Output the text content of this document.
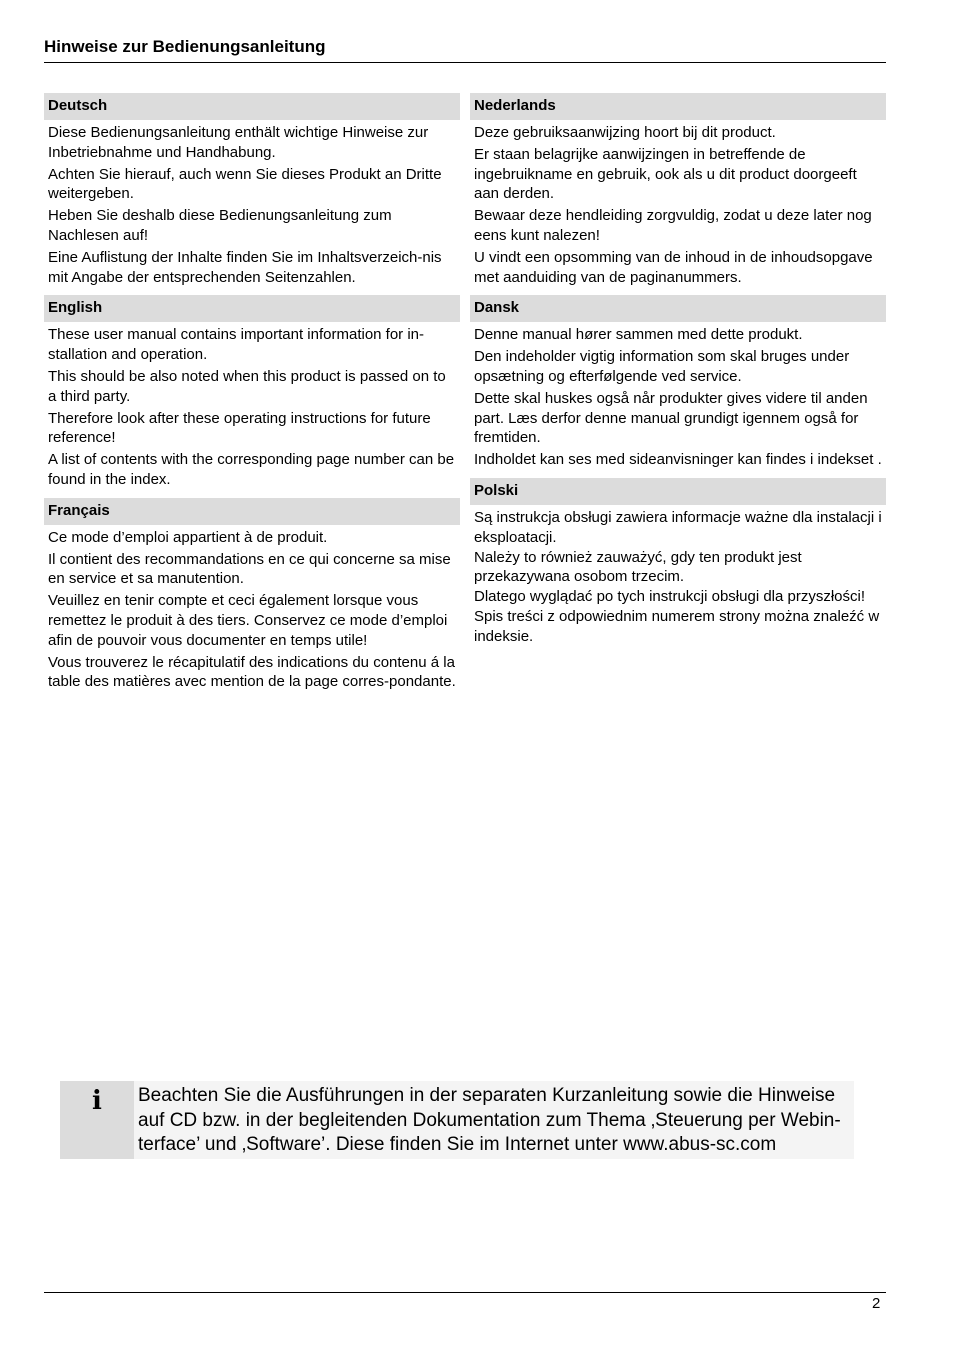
Hinweise zur Bedienungsanleitung
Deutsch

Diese Bedienungsanleitung enthält wichtige Hinweise zur Inbetriebnahme und Handhabung.

Achten Sie hierauf, auch wenn Sie dieses Produkt an Dritte weitergeben.

Heben Sie deshalb diese Bedienungsanleitung zum Nachlesen auf!

Eine Auflistung der Inhalte finden Sie im Inhaltsverzeich-nis mit Angabe der entsprechenden Seitenzahlen.

English

These user manual contains important information for in-stallation and operation.

This should be also noted when this product is passed on to a third party.

Therefore look after these operating instructions for future reference!

A list of contents with the corresponding page number can be found in the index.

Français

Ce mode d’emploi appartient à de produit.

Il contient des recommandations en ce qui concerne sa mise en service et sa manutention.

Veuillez en tenir compte et ceci également lorsque vous remettez le produit à des tiers. Conservez ce mode d’emploi afin de pouvoir vous documenter en temps utile!

Vous trouverez le récapitulatif des indications du contenu á la table des matières avec mention de la page corres-pondante.

Nederlands

Deze gebruiksaanwijzing hoort bij dit product.

Er staan belagrijke aanwijzingen in betreffende de ingebruikname en gebruik, ook als u dit product doorgeeft aan derden.

Bewaar deze hendleiding zorgvuldig, zodat u deze later nog eens kunt nalezen!

U vindt een opsomming van de inhoud in de inhoudsopgave met aanduiding van de paginanummers.

Dansk

Denne manual hører sammen med dette produkt.

Den indeholder vigtig information som skal bruges under opsætning og efterfølgende ved service.

Dette skal huskes også når produkter gives videre til anden part. Læs derfor denne manual grundigt igennem også for fremtiden.

Indholdet kan ses med sideanvisninger kan findes i indekset .

Polski

Są instrukcja obsługi zawiera informacje ważne dla instalacji i eksploatacji.

Należy to również zauważyć, gdy ten produkt jest przekazywana osobom trzecim.

Dlatego wyglądać po tych instrukcji obsługi dla przyszłości!

Spis treści z odpowiednim numerem strony można znaleźć w indeksie.

i Beachten Sie die Ausführungen in der separaten Kurzanleitung sowie die Hinweise auf CD bzw. in der begleitenden Dokumentation zum Thema ‚Steuerung per Webin-terface’ und ‚Software’. Diese finden Sie im Internet unter www.abus-sc.com
2
